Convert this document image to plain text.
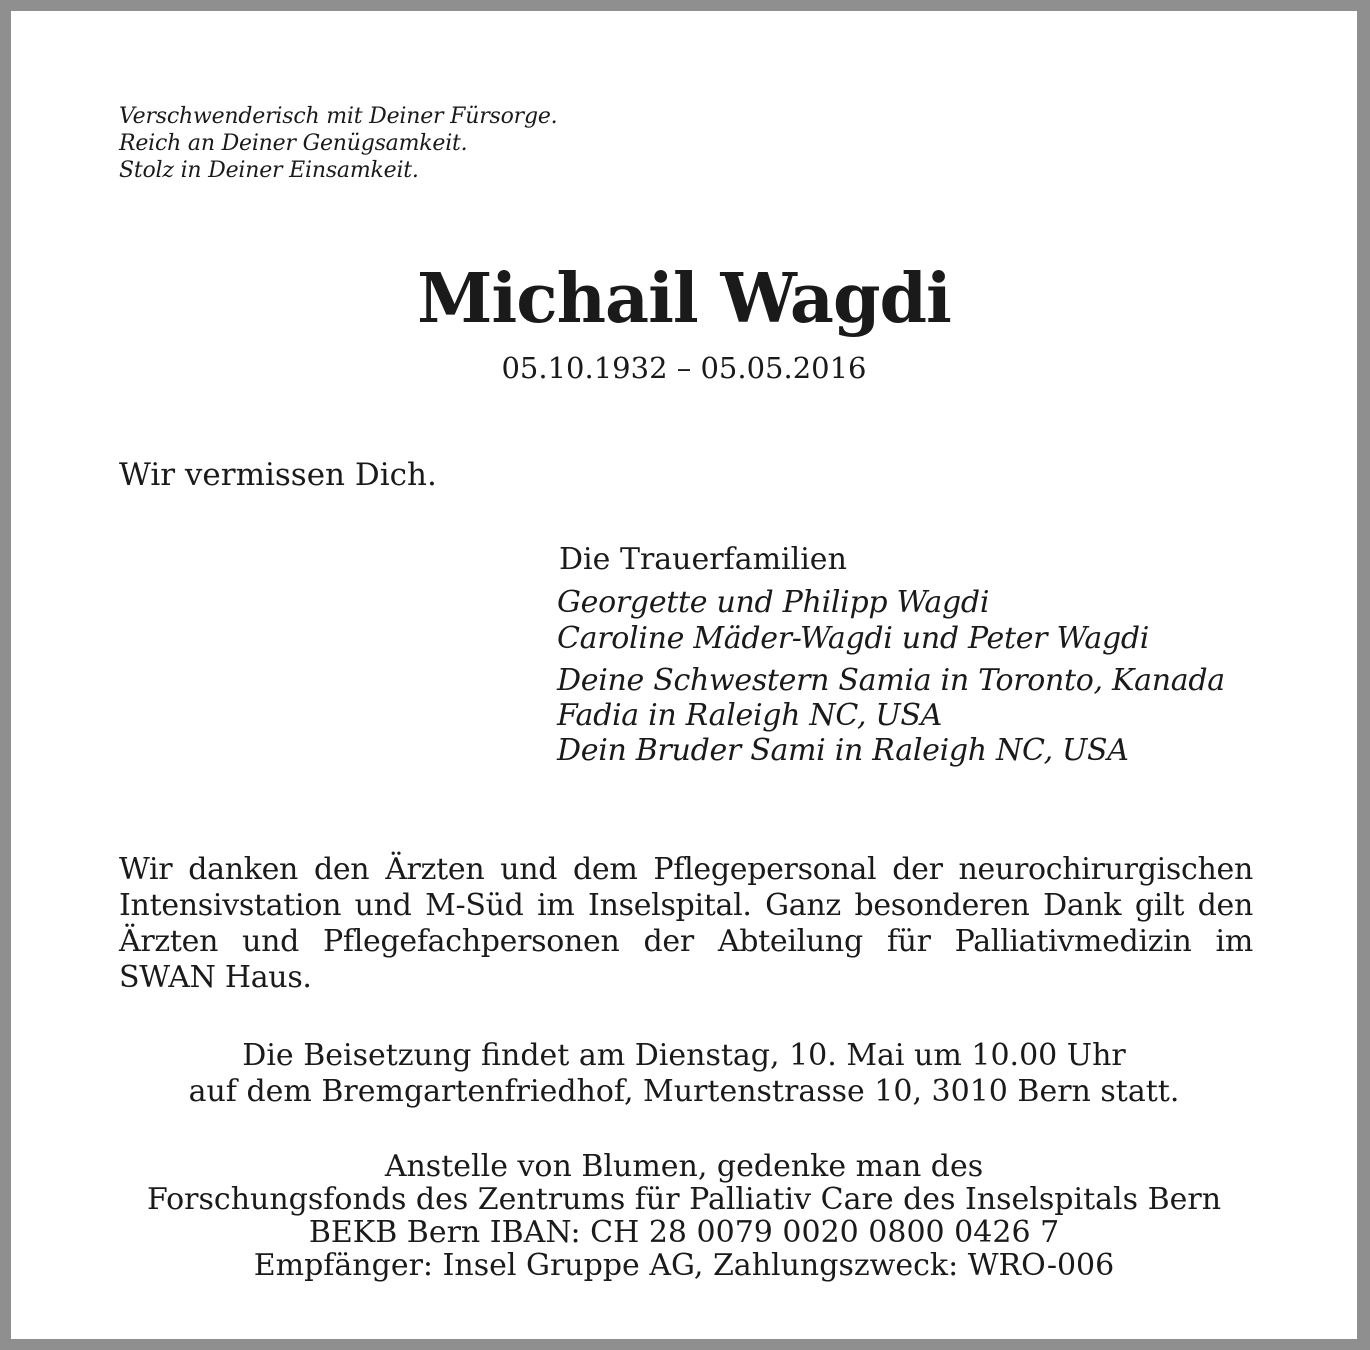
Verschwenderisch mit Deiner Fürsorge.
Reich an Deiner Genügsamkeit.
Stolz in Deiner Einsamkeit.
Michail Wagdi
05.10.1932 – 05.05.2016
Wir vermissen Dich.
Die Trauerfamilien
Georgette und Philipp Wagdi
Caroline Mäder-Wagdi und Peter Wagdi
Deine Schwestern Samia in Toronto, Kanada
Fadia in Raleigh NC, USA
Dein Bruder Sami in Raleigh NC, USA

Wir danken den Ärzten und dem Pflegepersonal der neurochirurgischen Intensivstation und M-Süd im Inselspital. Ganz besonderen Dank gilt den Ärzten und Pflegefachpersonen der Abteilung für Palliativmedizin im SWAN Haus.

Die Beisetzung findet am Dienstag, 10. Mai um 10.00 Uhr
auf dem Bremgartenfriedhof, Murtenstrasse 10, 3010 Bern statt.
Anstelle von Blumen, gedenke man des
Forschungsfonds des Zentrums für Palliativ Care des Inselspitals Bern
BEKB Bern IBAN: CH 28 0079 0020 0800 0426 7
Empfänger: Insel Gruppe AG, Zahlungszweck: WRO-006
